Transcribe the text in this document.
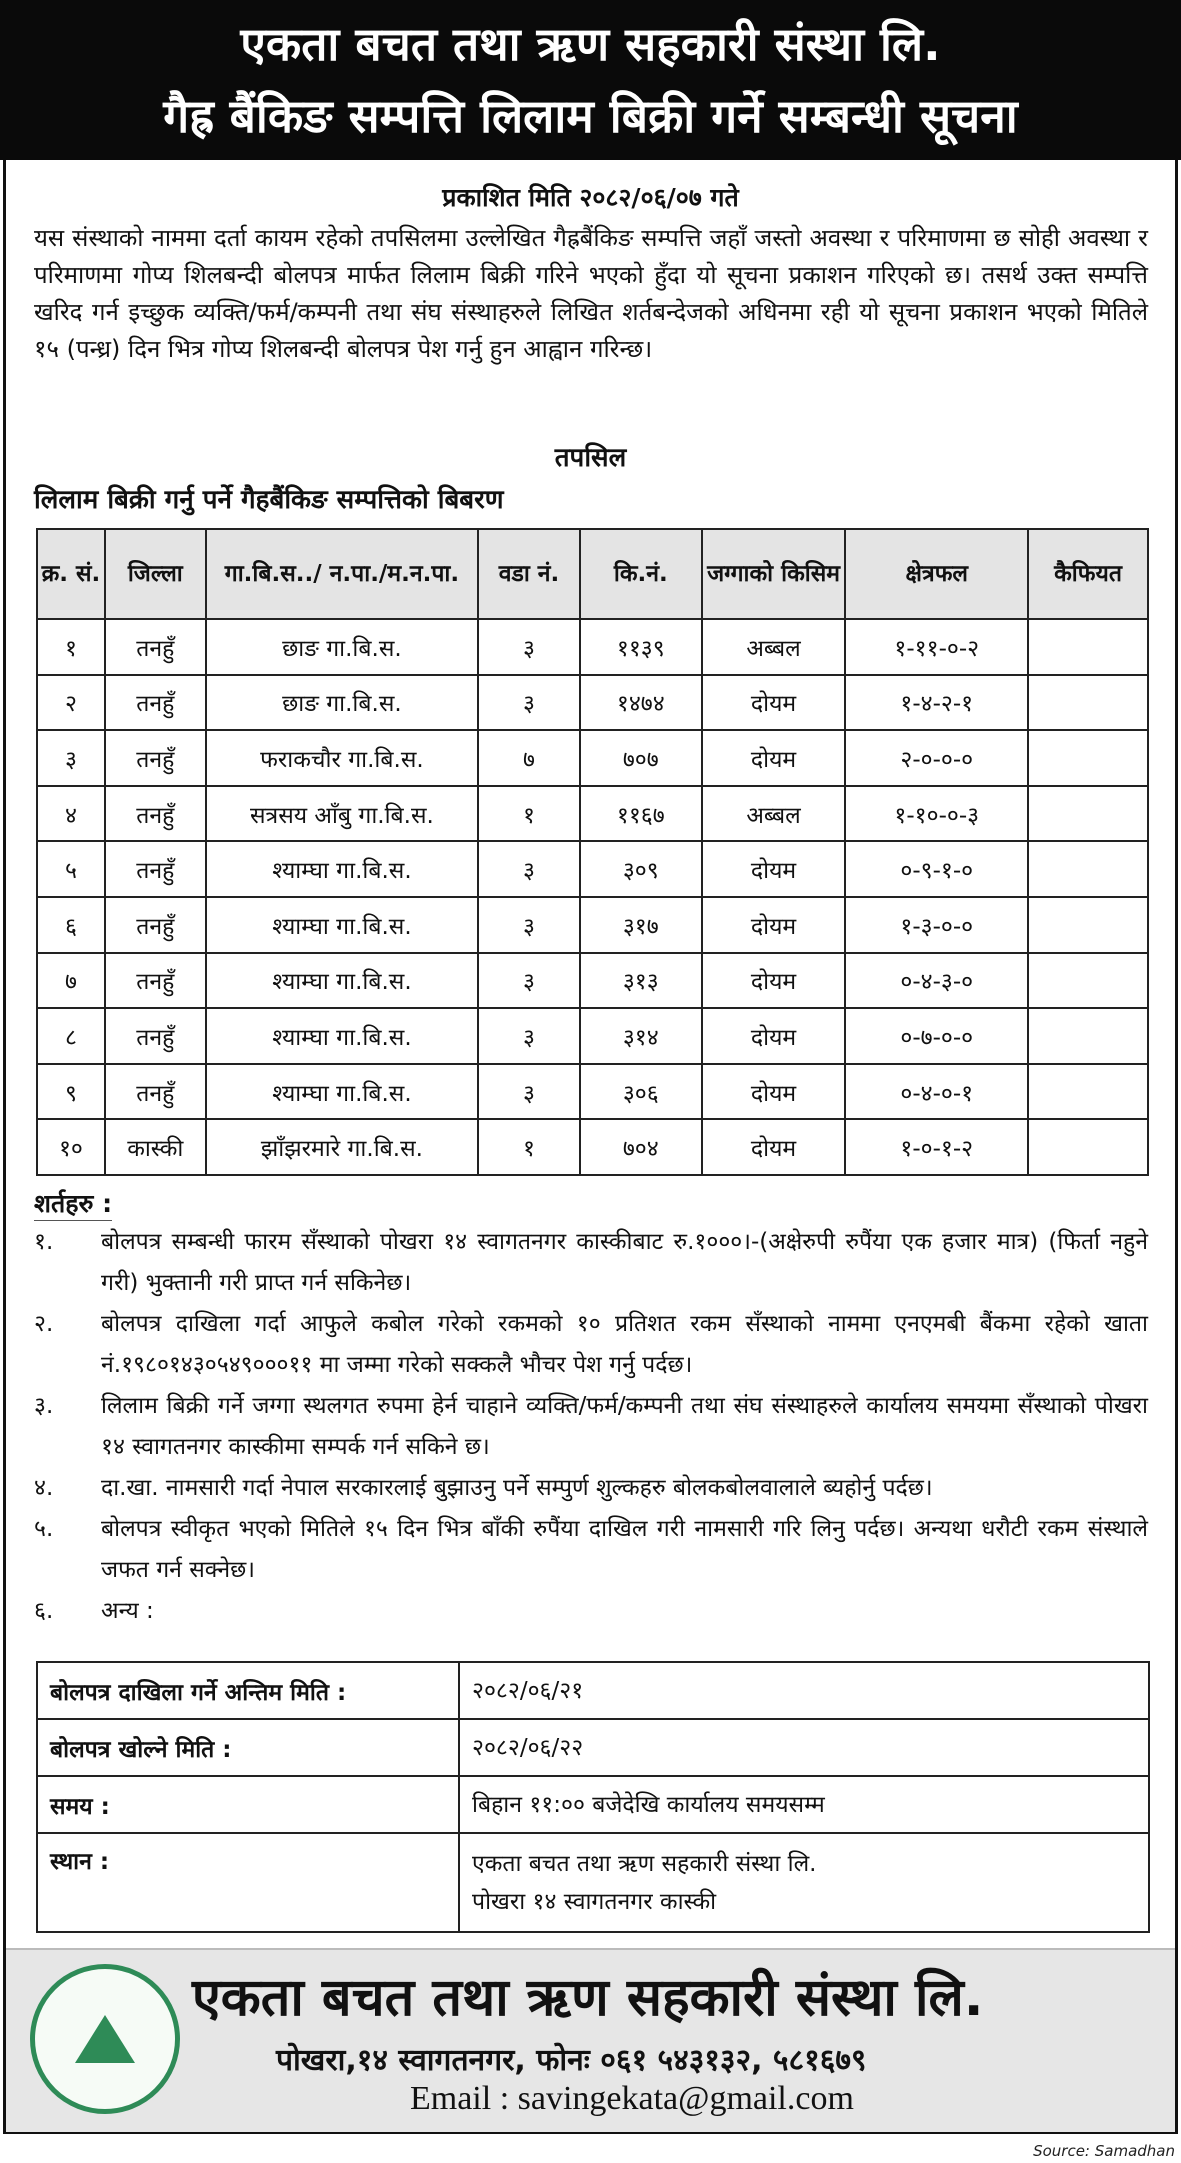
एकता बचत तथा ऋण सहकारी संस्था लि.
गैह्र बैंकिङ सम्पत्ति लिलाम बिक्री गर्ने सम्बन्धी सूचना
प्रकाशित मिति २०८२/०६/०७ गते
यस संस्थाको नाममा दर्ता कायम रहेको तपसिलमा उल्लेखित गैह्रबैंकिङ सम्पत्ति जहाँ जस्तो अवस्था र परिमाणमा छ सोही अवस्था र परिमाणमा गोप्य शिलबन्दी बोलपत्र मार्फत लिलाम बिक्री गरिने भएको हुँदा यो सूचना प्रकाशन गरिएको छ। तसर्थ उक्त सम्पत्ति खरिद गर्न इच्छुक व्यक्ति/फर्म/कम्पनी तथा संघ संस्थाहरुले लिखित शर्तबन्देजको अधिनमा रही यो सूचना प्रकाशन भएको मितिले १५ (पन्ध्र) दिन भित्र गोप्य शिलबन्दी बोलपत्र पेश गर्नु हुन आह्वान गरिन्छ।
तपसिल
लिलाम बिक्री गर्नु पर्ने गैहबैंकिङ सम्पत्तिको बिबरण
क्र. सं.	जिल्ला	गा.बि.स../ न.पा./म.न.पा.	वडा नं.	कि.नं.	जग्गाको किसिम	क्षेत्रफल	कैफियत
१	तनहुँ	छाङ गा.बि.स.	३	११३९	अब्बल	१-११-०-२	
२	तनहुँ	छाङ गा.बि.स.	३	१४७४	दोयम	१-४-२-१	
३	तनहुँ	फराकचौर गा.बि.स.	७	७०७	दोयम	२-०-०-०	
४	तनहुँ	सत्रसय आँबु गा.बि.स.	१	११६७	अब्बल	१-१०-०-३	
५	तनहुँ	श्याम्घा गा.बि.स.	३	३०९	दोयम	०-९-१-०	
६	तनहुँ	श्याम्घा गा.बि.स.	३	३१७	दोयम	१-३-०-०	
७	तनहुँ	श्याम्घा गा.बि.स.	३	३१३	दोयम	०-४-३-०	
८	तनहुँ	श्याम्घा गा.बि.स.	३	३१४	दोयम	०-७-०-०	
९	तनहुँ	श्याम्घा गा.बि.स.	३	३०६	दोयम	०-४-०-१	
१०	कास्की	झाँझरमारे गा.बि.स.	१	७०४	दोयम	१-०-१-२	
शर्तहरु :
१.	बोलपत्र सम्बन्धी फारम सँस्थाको पोखरा १४ स्वागतनगर कास्कीबाट रु.१०००।-(अक्षेरुपी रुपैंया एक हजार मात्र) (फिर्ता नहुने गरी) भुक्तानी गरी प्राप्त गर्न सकिनेछ।
२.	बोलपत्र दाखिला गर्दा आफुले कबोल गरेको रकमको १० प्रतिशत रकम सँस्थाको नाममा एनएमबी बैंकमा रहेको खाता नं.१९८०१४३०५४९०००११ मा जम्मा गरेको सक्कलै भौचर पेश गर्नु पर्दछ।
३.	लिलाम बिक्री गर्ने जग्गा स्थलगत रुपमा हेर्न चाहाने व्यक्ति/फर्म/कम्पनी तथा संघ संस्थाहरुले कार्यालय समयमा सँस्थाको पोखरा १४ स्वागतनगर कास्कीमा सम्पर्क गर्न सकिने छ।
४.	दा.खा. नामसारी गर्दा नेपाल सरकारलाई बुझाउनु पर्ने सम्पुर्ण शुल्कहरु बोलकबोलवालाले ब्यहोर्नु पर्दछ।
५.	बोलपत्र स्वीकृत भएको मितिले १५ दिन भित्र बाँकी रुपैंया दाखिल गरी नामसारी गरि लिनु पर्दछ। अन्यथा धरौटी रकम संस्थाले जफत गर्न सक्नेछ।
६.	अन्य :
बोलपत्र दाखिला गर्ने अन्तिम मिति :	२०८२/०६/२१
बोलपत्र खोल्ने मिति :	२०८२/०६/२२
समय :	बिहान ११:०० बजेदेखि कार्यालय समयसम्म
स्थान :	एकता बचत तथा ऋण सहकारी संस्था लि.
पोखरा १४ स्वागतनगर कास्की
एकता बचत तथा ऋण सहकारी संस्था लि.
पोखरा,१४ स्वागतनगर, फोनः ०६१ ५४३१३२, ५८१६७९
Email : savingekata@gmail.com
Source: Samadhan
